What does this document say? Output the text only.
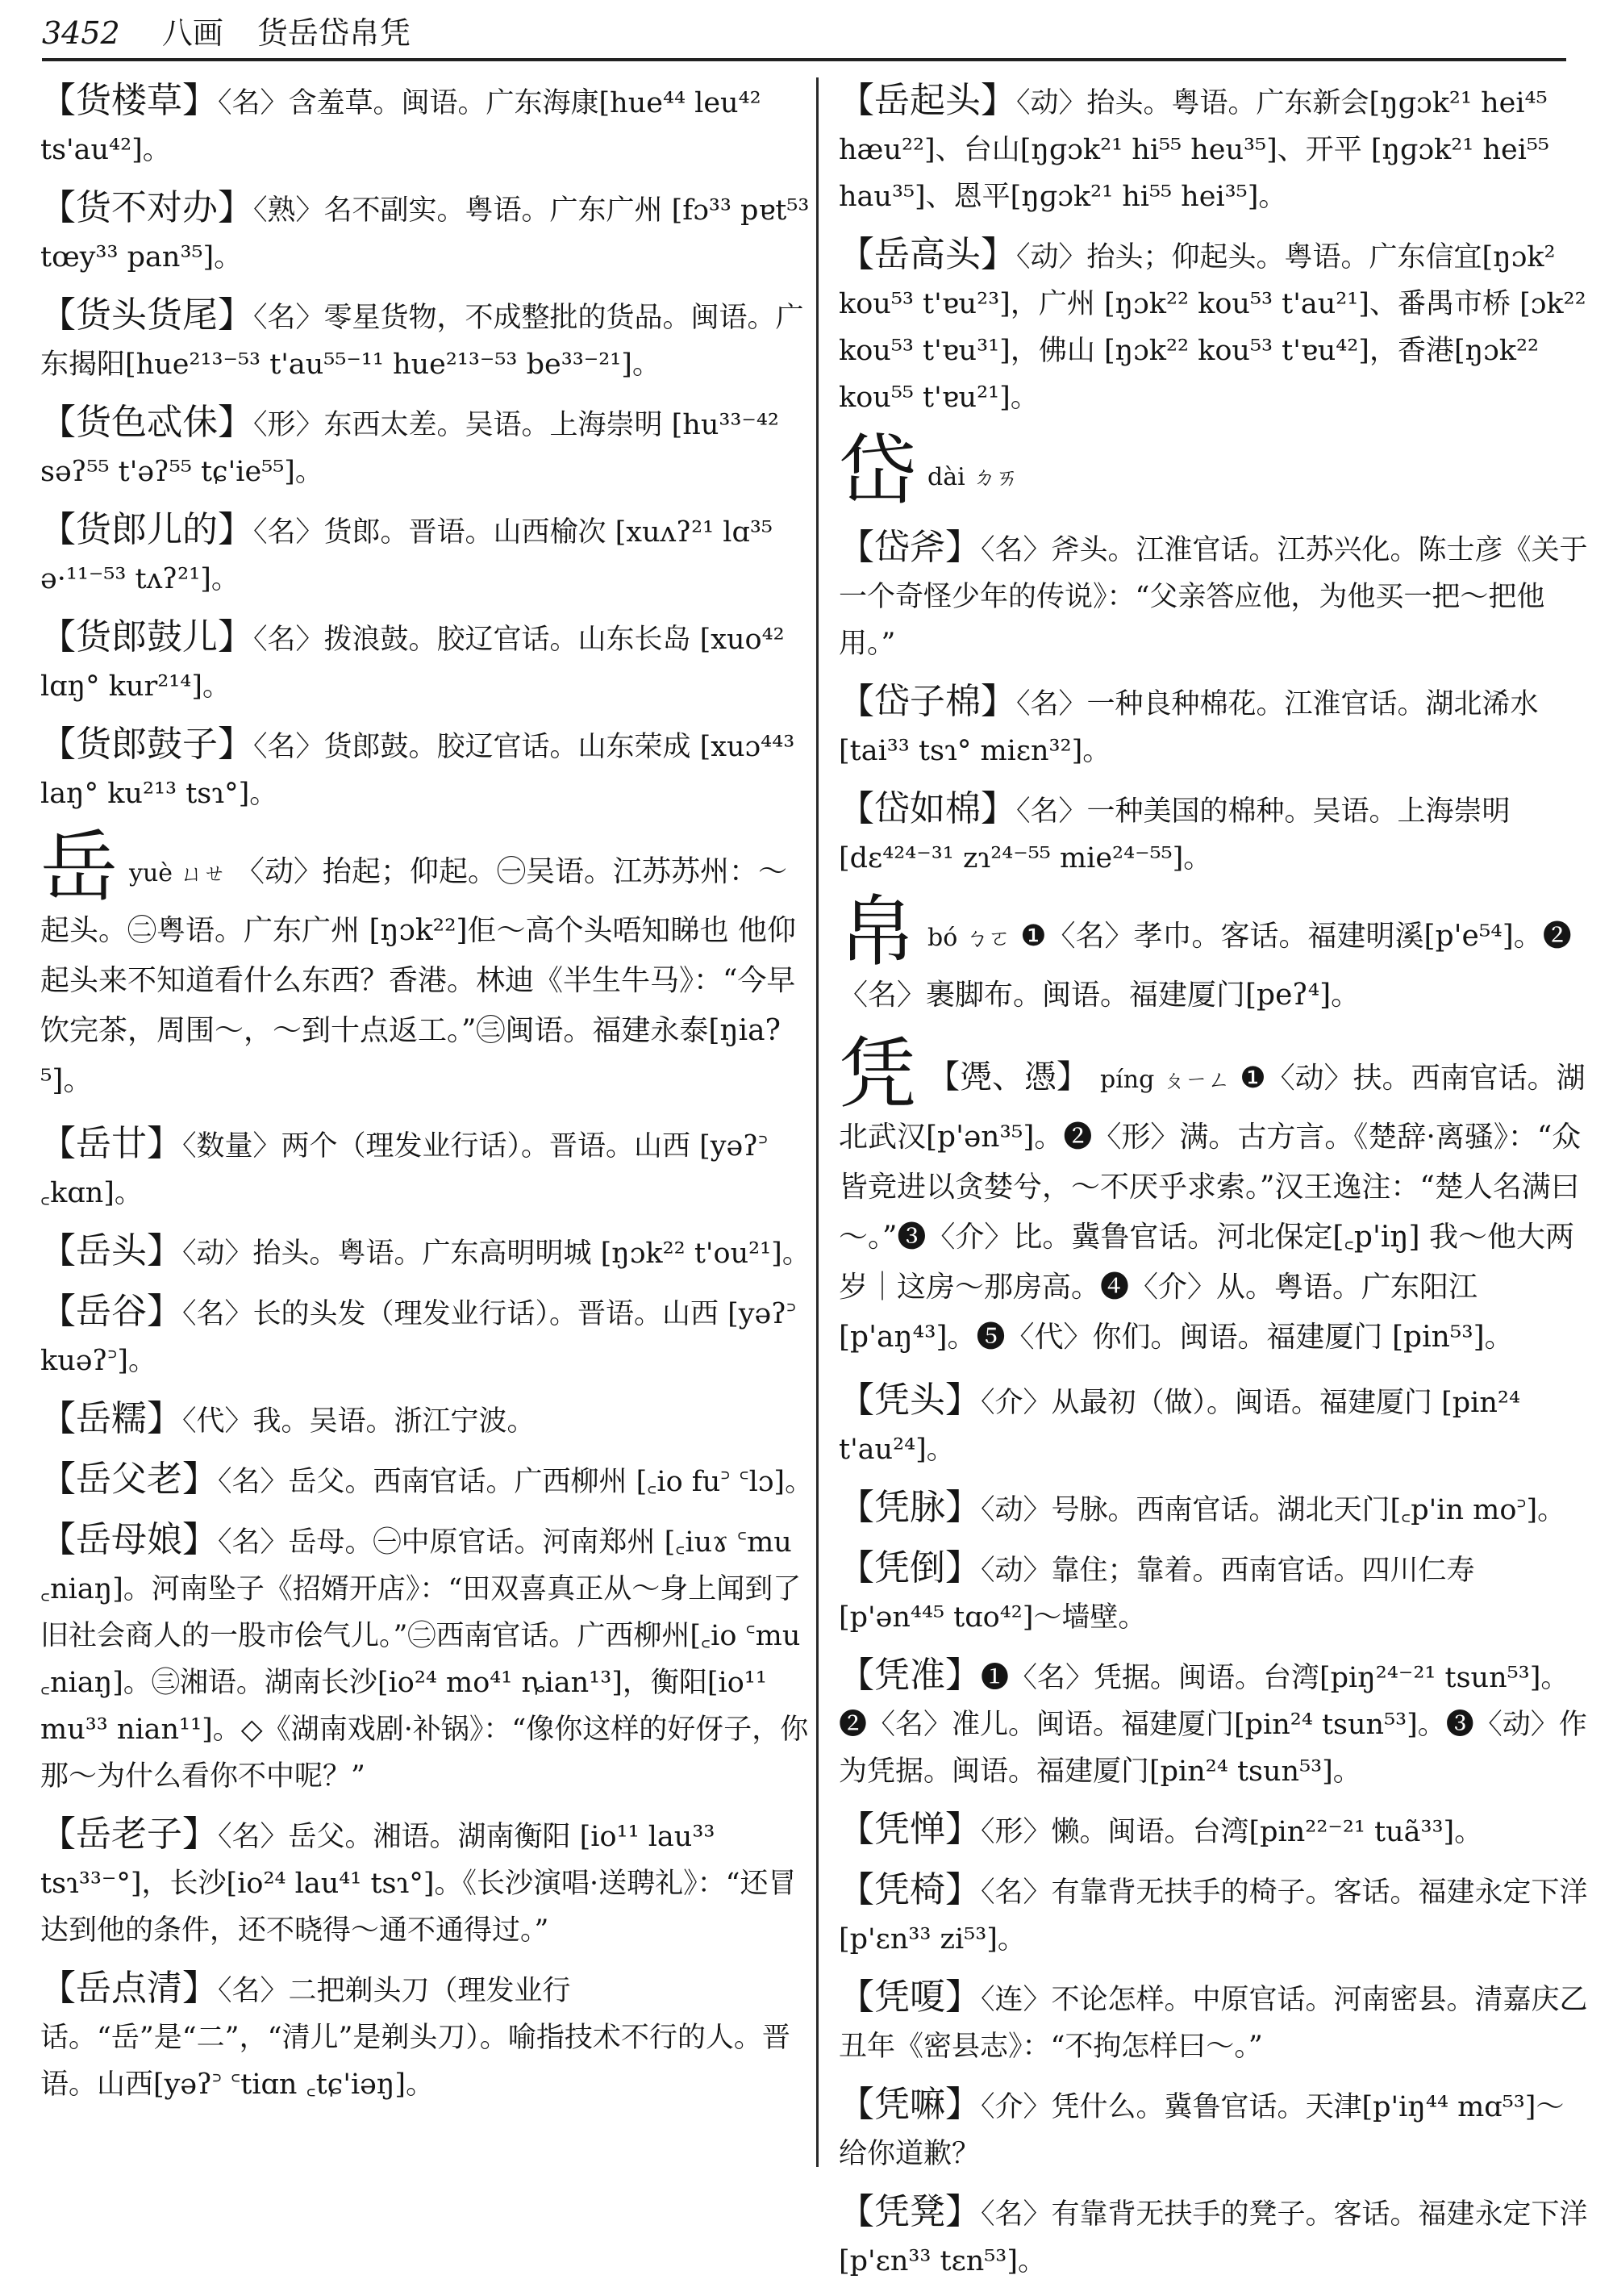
3452 八画 货岳岱帛凭
【货楼草】〈名〉含羞草。闽语。广东海康[hue⁴⁴ leu⁴² ts'au⁴²]。
【货不对办】〈熟〉名不副实。粤语。广东广州 [fɔ³³ pɐt⁵³ tœy³³ pan³⁵]。
【货头货尾】〈名〉零星货物，不成整批的货品。闽语。广东揭阳[hue²¹³⁻⁵³ t'au⁵⁵⁻¹¹ hue²¹³⁻⁵³ be³³⁻²¹]。
【货色忒佅】〈形〉东西太差。吴语。上海崇明 [hu³³⁻⁴² səʔ⁵⁵ t'əʔ⁵⁵ tɕ'ie⁵⁵]。
【货郎儿的】〈名〉货郎。晋语。山西榆次 [xuʌʔ²¹ lɑ³⁵ ə·¹¹⁻⁵³ tʌʔ²¹]。
【货郎鼓儿】〈名〉拨浪鼓。胶辽官话。山东长岛 [xuo⁴² lɑŋ° kur²¹⁴]。
【货郎鼓子】〈名〉货郎鼓。胶辽官话。山东荣成 [xuɔ⁴⁴³ laŋ° ku²¹³ tsɿ°]。
岳yuè ㄩㄝ 〈动〉抬起；仰起。㊀吴语。江苏苏州：～起头。㊁粤语。广东广州 [ŋɔk²²]佢～高个头唔知睇也 他仰起头来不知道看什么东西？香港。林迪《半生牛马》：“今早饮完茶，周围～，～到十点返工。”㊂闽语。福建永泰[ŋia?⁵]。
【岳廿】〈数量〉两个（理发业行话）。晋语。山西 [yəʔ꜄ ꜀kɑn]。
【岳头】〈动〉抬头。粤语。广东高明明城 [ŋɔk²² t'ou²¹]。
【岳谷】〈名〉长的头发（理发业行话）。晋语。山西 [yəʔ꜄ kuəʔ꜄]。
【岳糯】〈代〉我。吴语。浙江宁波。
【岳父老】〈名〉岳父。西南官话。广西柳州 [꜀io fu꜄ ꜂lɔ]。
【岳母娘】〈名〉岳母。㊀中原官话。河南郑州 [꜀iuɤ ꜂mu ꜀niaŋ]。河南坠子《招婿开店》：“田双喜真正从～身上闻到了旧社会商人的一股市侩气儿。”㊁西南官话。广西柳州[꜀io ꜂mu ꜀niaŋ]。㊂湘语。湖南长沙[io²⁴ mo⁴¹ ȵian¹³]，衡阳[io¹¹ mu³³ nian¹¹]。◇《湖南戏剧·补锅》：“像你这样的好伢子，你那～为什么看你不中呢？”
【岳老子】〈名〉岳父。湘语。湖南衡阳 [io¹¹ lau³³ tsɿ³³⁻°]，长沙[io²⁴ lau⁴¹ tsɿ°]。《长沙演唱·送聘礼》：“还冒达到他的条件，还不晓得～通不通得过。”
【岳点清】〈名〉二把剃头刀（理发业行话。“岳”是“二”，“清儿”是剃头刀）。喻指技术不行的人。晋语。山西[yəʔ꜄ ꜂tiɑn ꜀tɕ'iəŋ]。
【岳起头】〈动〉抬头。粤语。广东新会[ŋɡɔk²¹ hei⁴⁵ hæu²²]、台山[ŋɡɔk²¹ hi⁵⁵ heu³⁵]、开平 [ŋɡɔk²¹ hei⁵⁵ hau³⁵]、恩平[ŋɡɔk²¹ hi⁵⁵ hei³⁵]。
【岳高头】〈动〉抬头；仰起头。粤语。广东信宜[ŋɔk² kou⁵³ t'ɐu²³]，广州 [ŋɔk²² kou⁵³ t'au²¹]、番禺市桥 [ɔk²² kou⁵³ t'ɐu³¹]，佛山 [ŋɔk²² kou⁵³ t'ɐu⁴²]，香港[ŋɔk²² kou⁵⁵ t'ɐu²¹]。
岱dài ㄉㄞ
【岱斧】〈名〉斧头。江淮官话。江苏兴化。陈士彦《关于一个奇怪少年的传说》：“父亲答应他，为他买一把～把他用。”
【岱子棉】〈名〉一种良种棉花。江淮官话。湖北浠水 [tai³³ tsɿ° miɛn³²]。
【岱如棉】〈名〉一种美国的棉种。吴语。上海崇明 [dɛ⁴²⁴⁻³¹ zɿ²⁴⁻⁵⁵ mie²⁴⁻⁵⁵]。
帛bó ㄅㄛ ❶〈名〉孝巾。客话。福建明溪[p'e⁵⁴]。❷〈名〉裹脚布。闽语。福建厦门[peʔ⁴]。
凭 【凴、憑】 píng ㄆㄧㄥ ❶〈动〉扶。西南官话。湖北武汉[p'ən³⁵]。❷〈形〉满。古方言。《楚辞·离骚》：“众皆竞进以贪婪兮，～不厌乎求索。”汉王逸注：“楚人名满曰～。”❸〈介〉比。冀鲁官话。河北保定[꜀p'iŋ] 我～他大两岁｜这房～那房高。❹〈介〉从。粤语。广东阳江[p'aŋ⁴³]。❺〈代〉你们。闽语。福建厦门 [pin⁵³]。
【凭头】〈介〉从最初（做）。闽语。福建厦门 [pin²⁴ t'au²⁴]。
【凭脉】〈动〉号脉。西南官话。湖北天门[꜀p'in mo꜄]。
【凭倒】〈动〉靠住；靠着。西南官话。四川仁寿 [p'ən⁴⁴⁵ tɑo⁴²]～墙壁。
【凭准】❶〈名〉凭据。闽语。台湾[piŋ²⁴⁻²¹ tsun⁵³]。❷〈名〉准儿。闽语。福建厦门[pin²⁴ tsun⁵³]。❸〈动〉作为凭据。闽语。福建厦门[pin²⁴ tsun⁵³]。
【凭惮】〈形〉懒。闽语。台湾[pin²²⁻²¹ tuã³³]。
【凭椅】〈名〉有靠背无扶手的椅子。客话。福建永定下洋[p'ɛn³³ zi⁵³]。
【凭嗄】〈连〉不论怎样。中原官话。河南密县。清嘉庆乙丑年《密县志》：“不拘怎样曰～。”
【凭嘛】〈介〉凭什么。冀鲁官话。天津[p'iŋ⁴⁴ mɑ⁵³]～给你道歉？
【凭凳】〈名〉有靠背无扶手的凳子。客话。福建永定下洋[p'ɛn³³ tɛn⁵³]。
